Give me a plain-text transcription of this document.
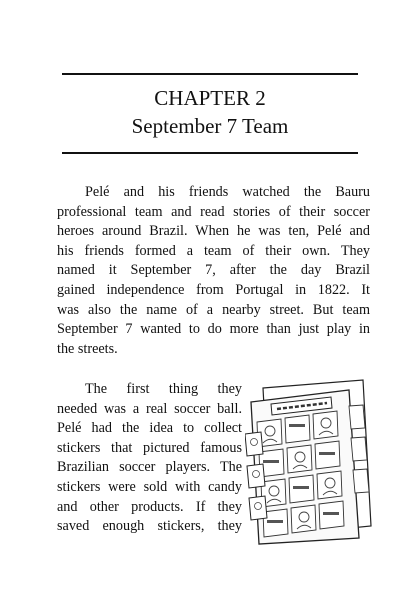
CHAPTER 2
September 7 Team
Pelé and his friends watched the Bauru
professional team and read stories of their soccer
heroes around Brazil. When he was ten, Pelé and
his friends formed a team of their own. They
named it September 7, after the day Brazil
gained independence from Portugal in 1822. It
was also the name of a nearby street. But team
September 7 wanted to do more than just play in
the streets.
The first thing they
needed was a real soccer ball.
Pelé had the idea to collect
stickers that pictured famous
Brazilian soccer players. The
stickers were sold with candy
and other products. If they
saved enough stickers, they
